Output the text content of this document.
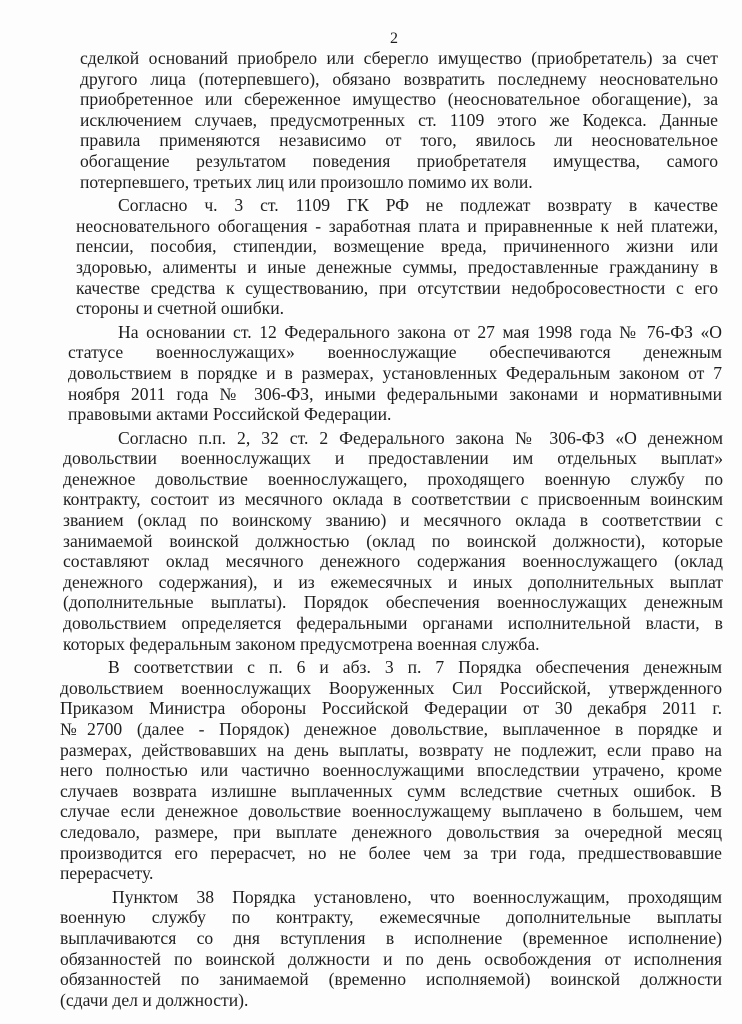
2
сделкой оснований приобрело или сберегло имущество (приобретатель) за счет
другого лица (потерпевшего), обязано возвратить последнему неосновательно
приобретенное или сбереженное имущество (неосновательное обогащение), за
исключением случаев, предусмотренных ст. 1109 этого же Кодекса. Данные
правила применяются независимо от того, явилось ли неосновательное
обогащение результатом поведения приобретателя имущества, самого
потерпевшего, третьих лиц или произошло помимо их воли.
Согласно ч. 3 ст. 1109 ГК РФ не подлежат возврату в качестве
неосновательного обогащения - заработная плата и приравненные к ней платежи,
пенсии, пособия, стипендии, возмещение вреда, причиненного жизни или
здоровью, алименты и иные денежные суммы, предоставленные гражданину в
качестве средства к существованию, при отсутствии недобросовестности с его
стороны и счетной ошибки.
На основании ст. 12 Федерального закона от 27 мая 1998 года № 76-ФЗ «О
статусе военнослужащих» военнослужащие обеспечиваются денежным
довольствием в порядке и в размерах, установленных Федеральным законом от 7
ноября 2011 года № 306-ФЗ, иными федеральными законами и нормативными
правовыми актами Российской Федерации.
Согласно п.п. 2, 32 ст. 2 Федерального закона № 306-ФЗ «О денежном
довольствии военнослужащих и предоставлении им отдельных выплат»
денежное довольствие военнослужащего, проходящего военную службу по
контракту, состоит из месячного оклада в соответствии с присвоенным воинским
званием (оклад по воинскому званию) и месячного оклада в соответствии с
занимаемой воинской должностью (оклад по воинской должности), которые
составляют оклад месячного денежного содержания военнослужащего (оклад
денежного содержания), и из ежемесячных и иных дополнительных выплат
(дополнительные выплаты). Порядок обеспечения военнослужащих денежным
довольствием определяется федеральными органами исполнительной власти, в
которых федеральным законом предусмотрена военная служба.
В соответствии с п. 6 и абз. 3 п. 7 Порядка обеспечения денежным
довольствием военнослужащих Вооруженных Сил Российской, утвержденного
Приказом Министра обороны Российской Федерации от 30 декабря 2011 г.
№2700 (далее - Порядок) денежное довольствие, выплаченное в порядке и
размерах, действовавших на день выплаты, возврату не подлежит, если право на
него полностью или частично военнослужащими впоследствии утрачено, кроме
случаев возврата излишне выплаченных сумм вследствие счетных ошибок. В
случае если денежное довольствие военнослужащему выплачено в большем, чем
следовало, размере, при выплате денежного довольствия за очередной месяц
производится его перерасчет, но не более чем за три года, предшествовавшие
перерасчету.
Пунктом 38 Порядка установлено, что военнослужащим, проходящим
военную службу по контракту, ежемесячные дополнительные выплаты
выплачиваются со дня вступления в исполнение (временное исполнение)
обязанностей по воинской должности и по день освобождения от исполнения
обязанностей по занимаемой (временно исполняемой) воинской должности
(сдачи дел и должности).
